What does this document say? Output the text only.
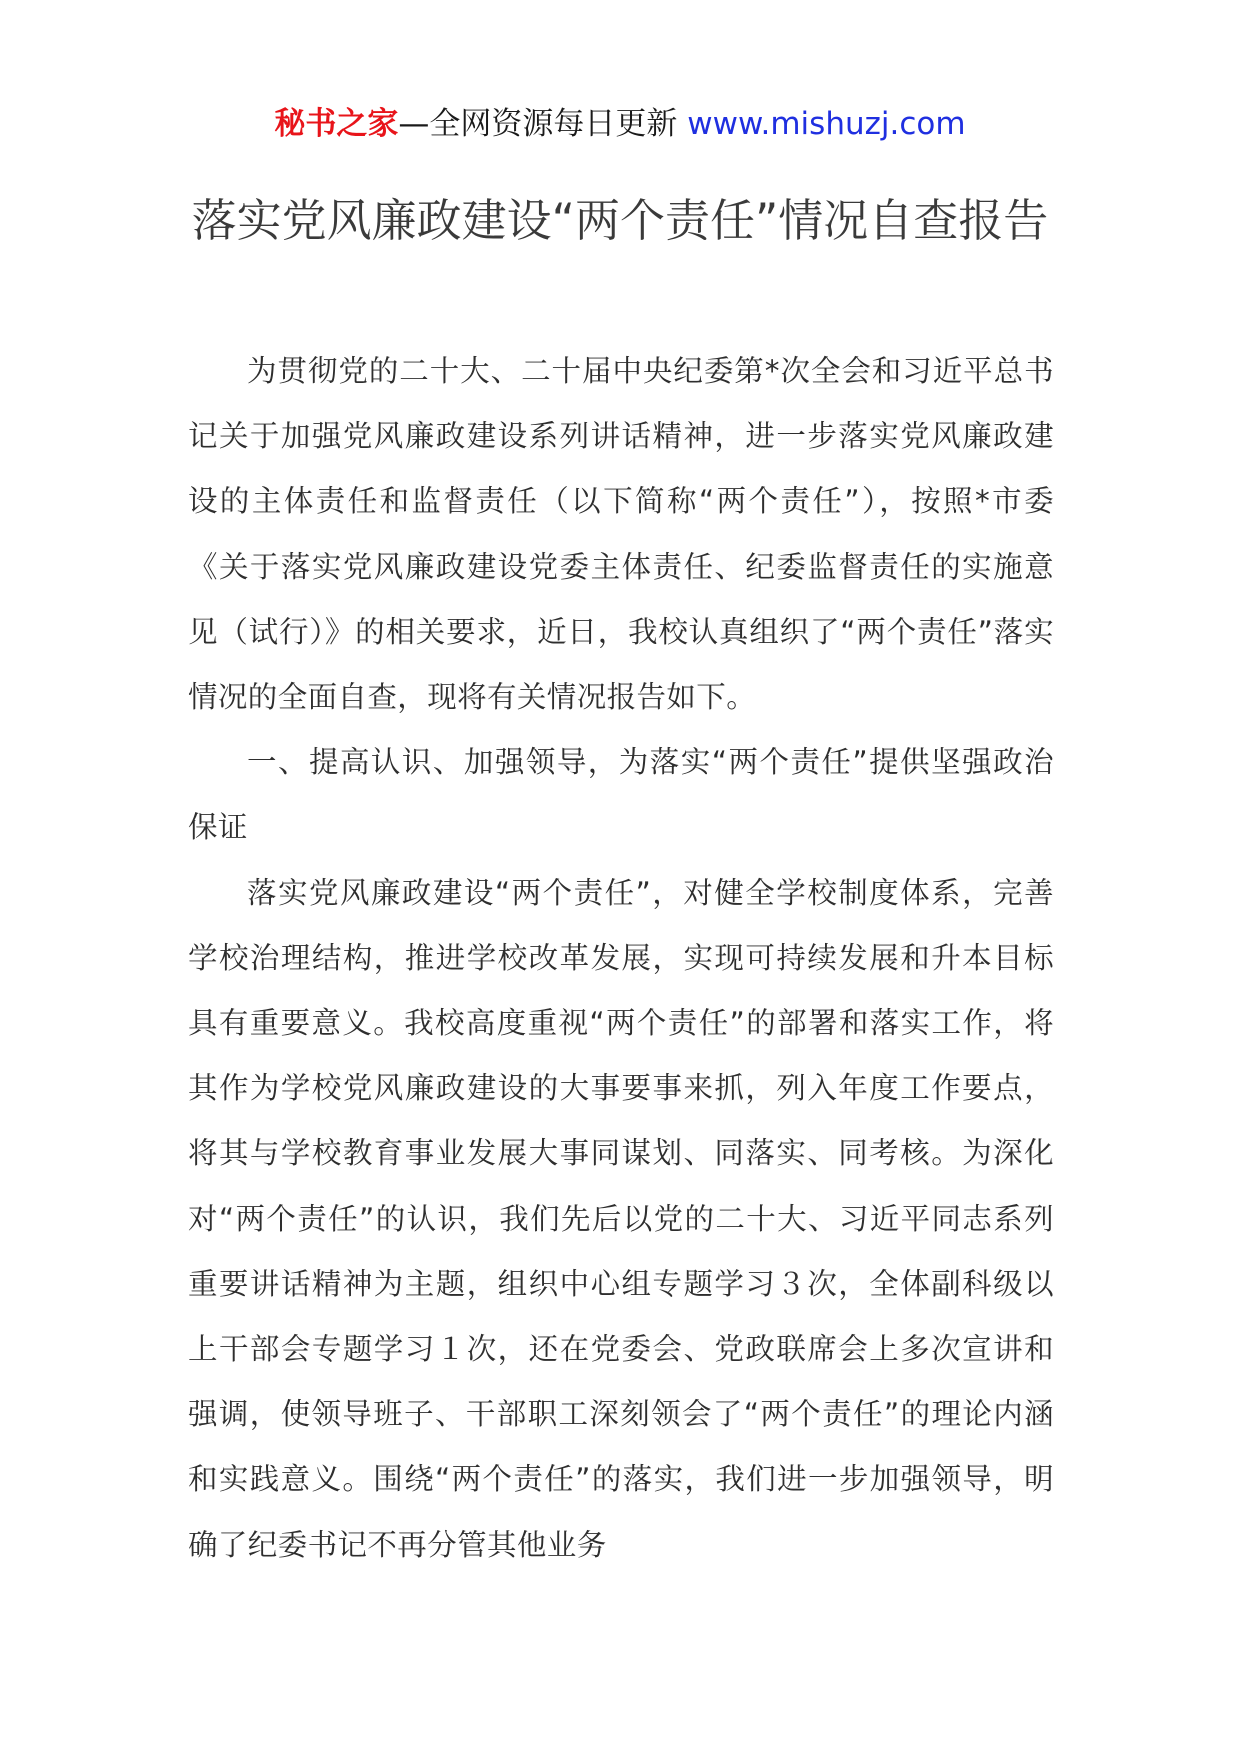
秘书之家—全网资源每日更新 www.mishuzj.com
落实党风廉政建设“两个责任”情况自查报告

为贯彻党的二十大、二十届中央纪委第*次全会和习近平总书记关于加强党风廉政建设系列讲话精神，进一步落实党风廉政建设的主体责任和监督责任（以下简称“两个责任”），按照*市委《关于落实党风廉政建设党委主体责任、纪委监督责任的实施意见（试行）》的相关要求，近日，我校认真组织了“两个责任”落实情况的全面自查，现将有关情况报告如下。

一、提高认识、加强领导，为落实“两个责任”提供坚强政治保证

落实党风廉政建设“两个责任”，对健全学校制度体系，完善学校治理结构，推进学校改革发展，实现可持续发展和升本目标具有重要意义。我校高度重视“两个责任”的部署和落实工作，将其作为学校党风廉政建设的大事要事来抓，列入年度工作要点，将其与学校教育事业发展大事同谋划、同落实、同考核。为深化对“两个责任”的认识，我们先后以党的二十大、习近平同志系列重要讲话精神为主题，组织中心组专题学习３次，全体副科级以上干部会专题学习１次，还在党委会、党政联席会上多次宣讲和强调，使领导班子、干部职工深刻领会了“两个责任”的理论内涵和实践意义。围绕“两个责任”的落实，我们进一步加强领导，明确了纪委书记不再分管其他业务
